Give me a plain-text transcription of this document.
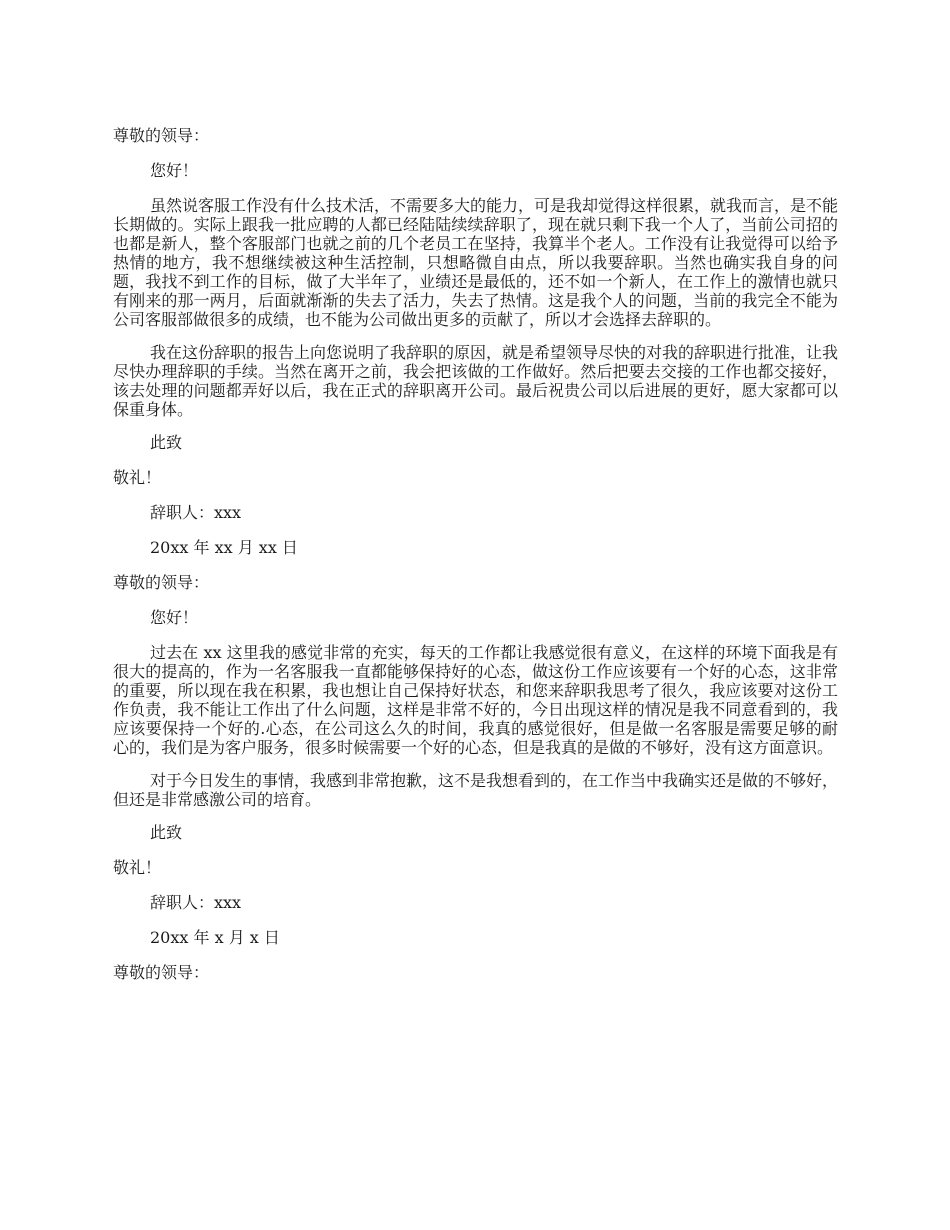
尊敬的领导：
您好！

虽然说客服工作没有什么技术活，不需要多大的能力，可是我却觉得这样很累，就我而言，是不能长期做的。实际上跟我一批应聘的人都已经陆陆续续辞职了，现在就只剩下我一个人了，当前公司招的也都是新人，整个客服部门也就之前的几个老员工在坚持，我算半个老人。工作没有让我觉得可以给予热情的地方，我不想继续被这种生活控制，只想略微自由点，所以我要辞职。当然也确实我自身的问题，我找不到工作的目标，做了大半年了，业绩还是最低的，还不如一个新人，在工作上的激情也就只有刚来的那一两月，后面就渐渐的失去了活力，失去了热情。这是我个人的问题，当前的我完全不能为公司客服部做很多的成绩，也不能为公司做出更多的贡献了，所以才会选择去辞职的。

我在这份辞职的报告上向您说明了我辞职的原因，就是希望领导尽快的对我的辞职进行批准，让我尽快办理辞职的手续。当然在离开之前，我会把该做的工作做好。然后把要去交接的工作也都交接好，该去处理的问题都弄好以后，我在正式的辞职离开公司。最后祝贵公司以后进展的更好，愿大家都可以保重身体。

此致
敬礼！
辞职人：xxx
20xx 年 xx 月 xx 日
尊敬的领导：
您好！

过去在 xx 这里我的感觉非常的充实，每天的工作都让我感觉很有意义，在这样的环境下面我是有很大的提高的，作为一名客服我一直都能够保持好的心态，做这份工作应该要有一个好的心态，这非常的重要，所以现在我在积累，我也想让自己保持好状态，和您来辞职我思考了很久，我应该要对这份工作负责，我不能让工作出了什么问题，这样是非常不好的，今日出现这样的情况是我不同意看到的，我应该要保持一个好的.心态，在公司这么久的时间，我真的感觉很好，但是做一名客服是需要足够的耐心的，我们是为客户服务，很多时候需要一个好的心态，但是我真的是做的不够好，没有这方面意识。

对于今日发生的事情，我感到非常抱歉，这不是我想看到的，在工作当中我确实还是做的不够好，但还是非常感激公司的培育。

此致
敬礼！
辞职人：xxx
20xx 年 x 月 x 日
尊敬的领导：
